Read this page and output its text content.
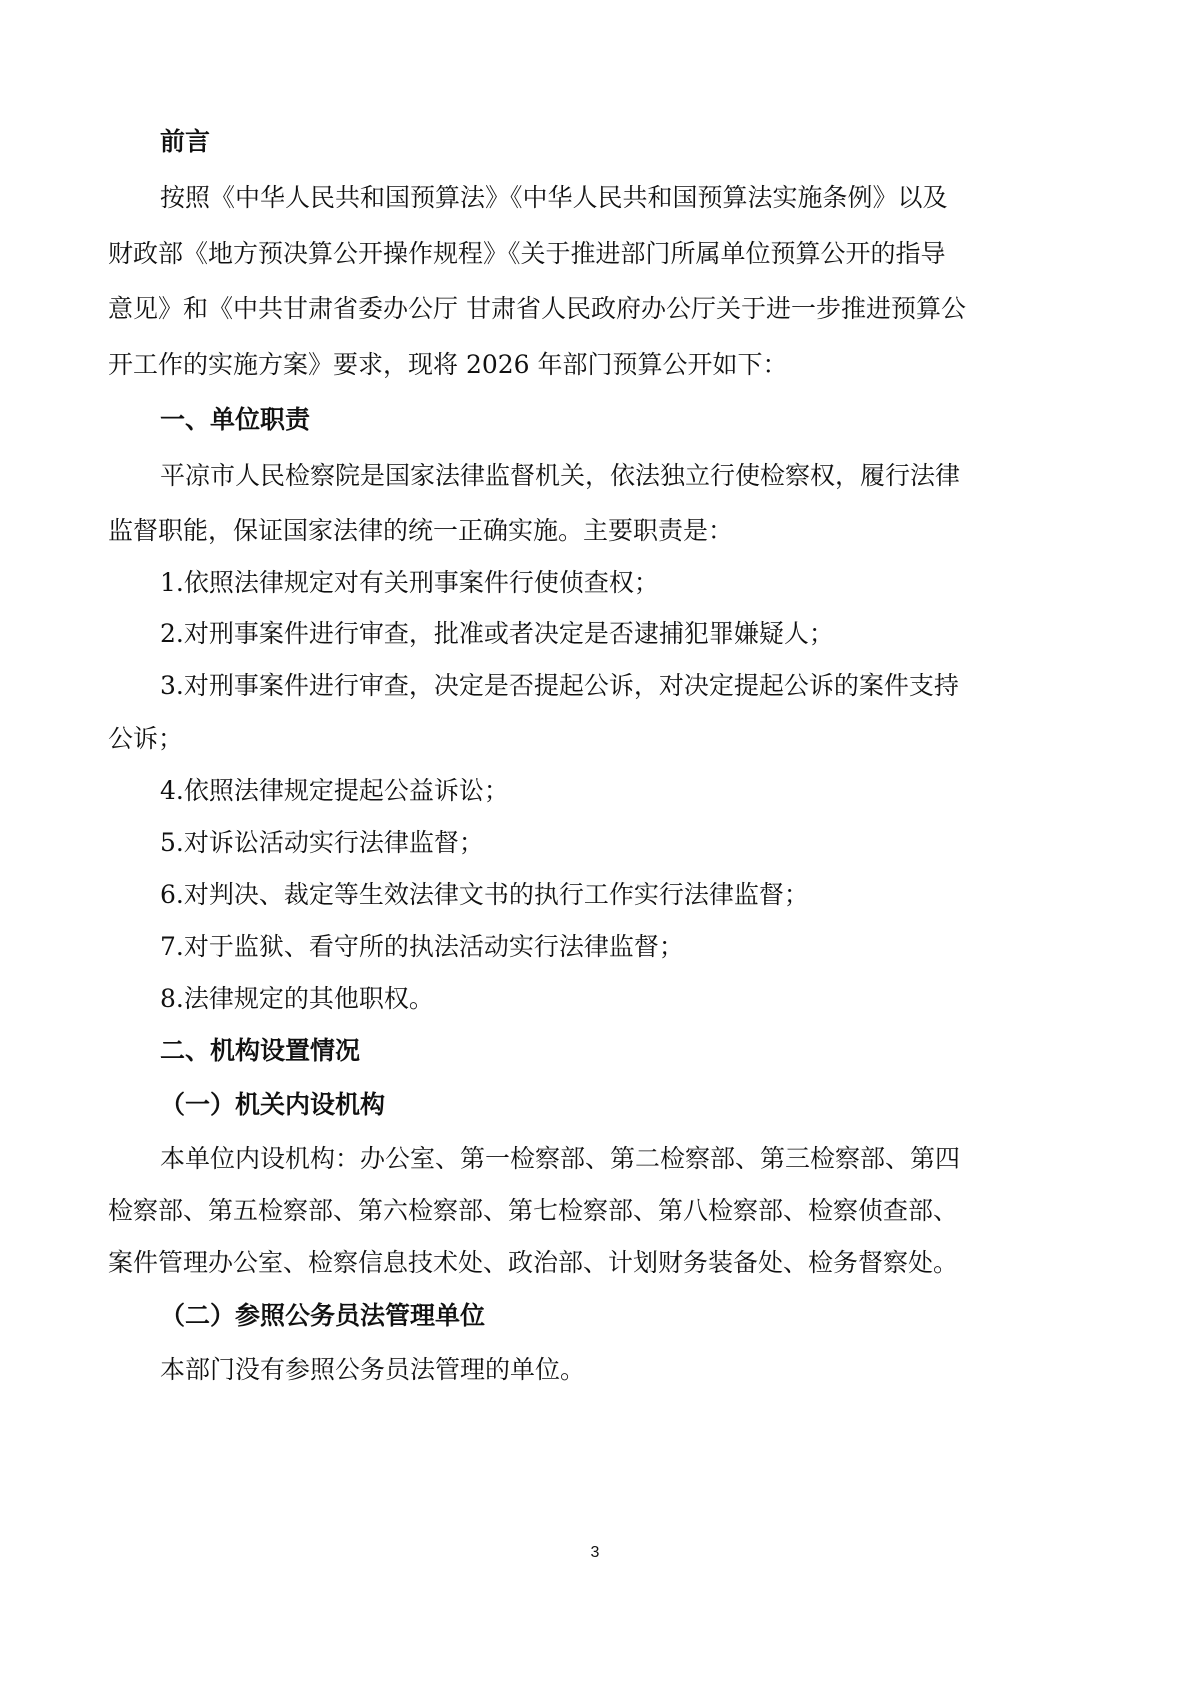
前言
按照《中华人民共和国预算法》《中华人民共和国预算法实施条例》以及
财政部《地方预决算公开操作规程》《关于推进部门所属单位预算公开的指导
意见》和《中共甘肃省委办公厅 甘肃省人民政府办公厅关于进一步推进预算公
开工作的实施方案》要求，现将 2026 年部门预算公开如下：
一、单位职责
平凉市人民检察院是国家法律监督机关，依法独立行使检察权，履行法律
监督职能，保证国家法律的统一正确实施。主要职责是：
1.依照法律规定对有关刑事案件行使侦查权；
2.对刑事案件进行审查，批准或者决定是否逮捕犯罪嫌疑人；
3.对刑事案件进行审查，决定是否提起公诉，对决定提起公诉的案件支持
公诉；
4.依照法律规定提起公益诉讼；
5.对诉讼活动实行法律监督；
6.对判决、裁定等生效法律文书的执行工作实行法律监督；
7.对于监狱、看守所的执法活动实行法律监督；
8.法律规定的其他职权。
二、机构设置情况
（一）机关内设机构
本单位内设机构：办公室、第一检察部、第二检察部、第三检察部、第四
检察部、第五检察部、第六检察部、第七检察部、第八检察部、检察侦查部、
案件管理办公室、检察信息技术处、政治部、计划财务装备处、检务督察处。
（二）参照公务员法管理单位
本部门没有参照公务员法管理的单位。
3
